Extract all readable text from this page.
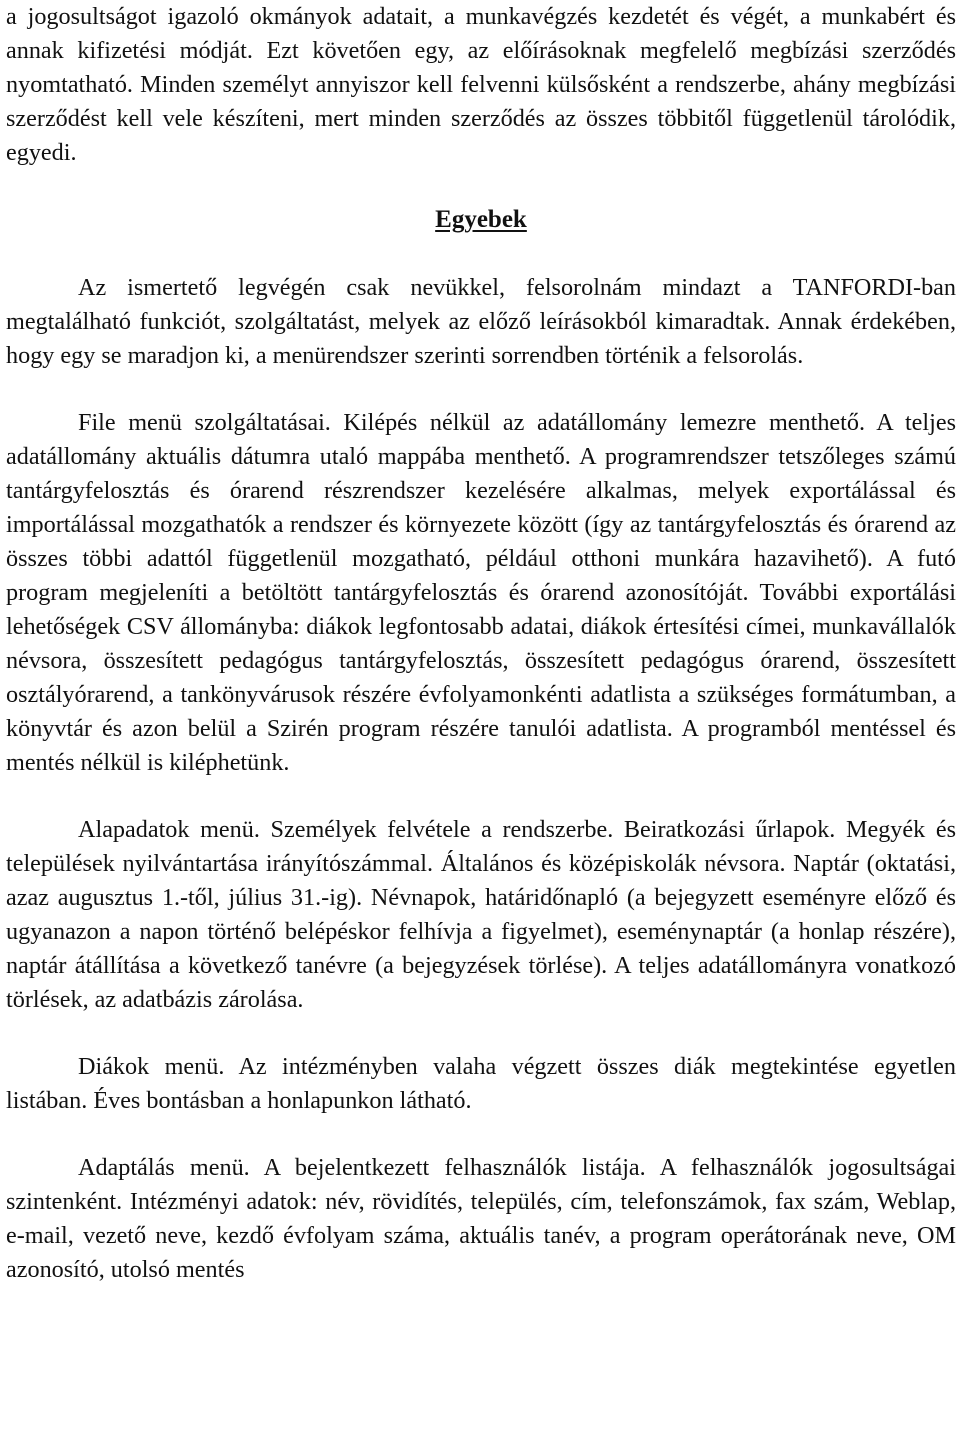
a jogosultságot igazoló okmányok adatait, a munkavégzés kezdetét és végét, a munkabért és annak kifizetési módját. Ezt követően egy, az előírásoknak megfelelő megbízási szerződés nyomtatható. Minden személyt annyiszor kell felvenni külsősként a rendszerbe, ahány megbízási szerződést kell vele készíteni, mert minden szerződés az összes többitől függetlenül tárolódik, egyedi.

Egyebek

Az ismertető legvégén csak nevükkel, felsorolnám mindazt a TANFORDI-ban megtalálható funkciót, szolgáltatást, melyek az előző leírásokból kimaradtak. Annak érdekében, hogy egy se maradjon ki, a menürendszer szerinti sorrendben történik a felsorolás.

File menü szolgáltatásai. Kilépés nélkül az adatállomány lemezre menthető. A teljes adatállomány aktuális dátumra utaló mappába menthető. A programrendszer tetszőleges számú tantárgyfelosztás és órarend részrendszer kezelésére alkalmas, melyek exportálással és importálással mozgathatók a rendszer és környezete között (így az tantárgyfelosztás és órarend az összes többi adattól függetlenül mozgatható, például otthoni munkára hazavihető). A futó program megjeleníti a betöltött tantárgyfelosztás és órarend azonosítóját. További exportálási lehetőségek CSV állományba: diákok legfontosabb adatai, diákok értesítési címei, munkavállalók névsora, összesített pedagógus tantárgyfelosztás, összesített pedagógus órarend, összesített osztályórarend, a tankönyvárusok részére évfolyamonkénti adatlista a szükséges formátumban, a könyvtár és azon belül a Szirén program részére tanulói adatlista. A programból mentéssel és mentés nélkül is kiléphetünk.

Alapadatok menü. Személyek felvétele a rendszerbe. Beiratkozási űrlapok. Megyék és települések nyilvántartása irányítószámmal. Általános és középiskolák névsora. Naptár (oktatási, azaz augusztus 1.-től, július 31.-ig). Névnapok, határidőnapló (a bejegyzett eseményre előző és ugyanazon a napon történő belépéskor felhívja a figyelmet), eseménynaptár (a honlap részére), naptár átállítása a következő tanévre (a bejegyzések törlése). A teljes adatállományra vonatkozó törlések, az adatbázis zárolása.

Diákok menü. Az intézményben valaha végzett összes diák megtekintése egyetlen listában. Éves bontásban a honlapunkon látható.

Adaptálás menü. A bejelentkezett felhasználók listája. A felhasználók jogosultságai szintenként. Intézményi adatok: név, rövidítés, település, cím, telefonszámok, fax szám, Weblap, e-mail, vezető neve, kezdő évfolyam száma, aktuális tanév, a program operátorának neve, OM azonosító, utolsó mentés
